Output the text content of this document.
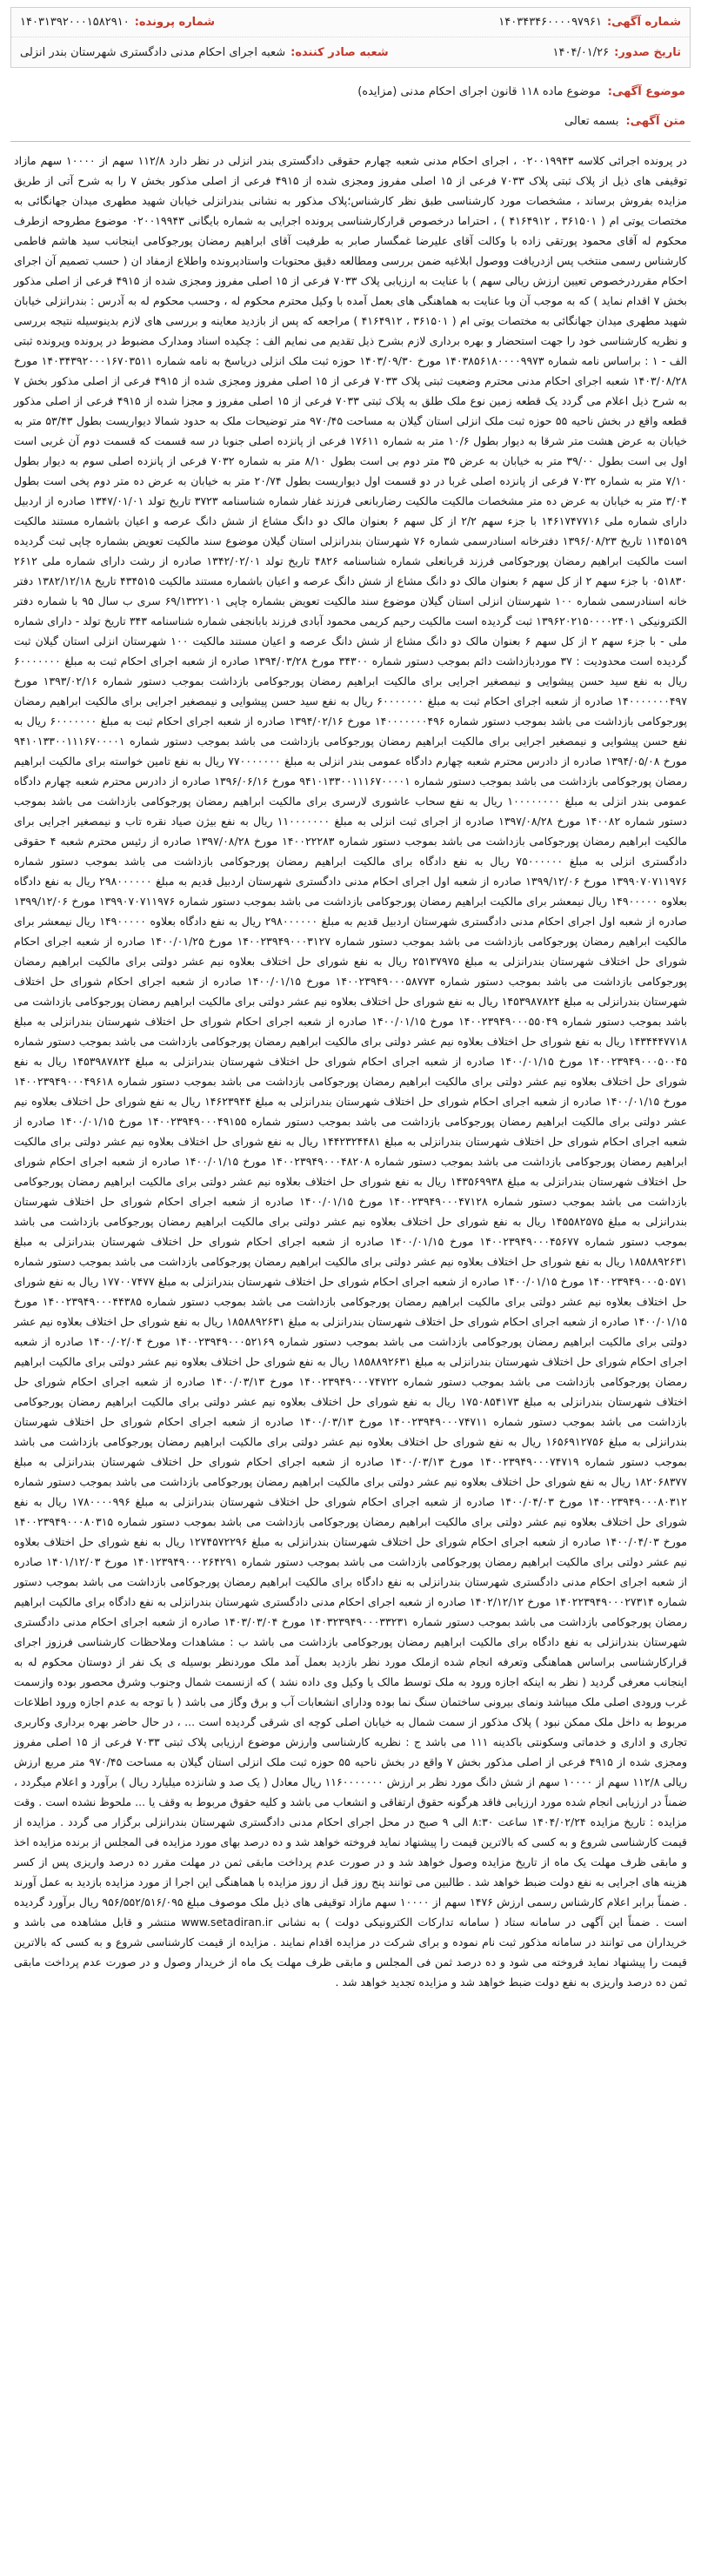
شماره آگهی:
۱۴۰۳۴۳۴۶۰۰۰۰۹۷۹۶۱
شماره پرونده:
۱۴۰۳۱۳۹۲۰۰۰۱۵۸۲۹۱۰
تاریخ صدور:
۱۴۰۴/۰۱/۲۶
شعبه صادر کننده:
شعبه اجرای احکام مدنی دادگستری شهرستان بندر انزلی
موضوع آگهی:
موضوع ماده ۱۱۸ قانون اجرای احکام مدنی (مزایده)
متن آگهی:
بسمه تعالی
در پرونده اجرائی کلاسه ۰۲۰۰۱۹۹۴۳ ، اجرای احکام مدنی شعبه چهارم حقوقی دادگستری بندر انزلی در نظر دارد ۱۱۲/۸ سهم از ۱۰۰۰۰ سهم مازاد توقیفی های ذیل از پلاک ثبتی پلاک ۷۰۳۳ فرعی از ۱۵ اصلی مفروز ومجزی شده از ۴۹۱۵ فرعی از اصلی مذکور بخش ۷ را به شرح آتی از طریق مزایده بفروش برساند ، مشخصات مورد کارشناسی طبق نظر کارشناس؛پلاک مذکور به نشانی بندرانزلی خیابان شهید مطهری میدان جهانگائی به مختصات یوتی ام ( ۳۶۱۵۰۱ ، ۴۱۶۴۹۱۲ ) ، احتراما درخصوص قرارکارشناسی پرونده اجرایی به شماره بایگانی ۰۲۰۰۱۹۹۴۳ موضوع مطروحه ازطرف محکوم له آقای محمود پورتقی زاده با وکالت آقای علیرضا غمگسار صابر به طرفیت آقای ابراهیم رمضان پورجوکامی اینجانب سید هاشم فاطمی کارشناس رسمی منتخب پس ازدریافت ووصول ابلاغیه ضمن بررسی ومطالعه دقیق محتویات واستادپرونده واطلاع ازمفاد ان ( حسب تصمیم آن اجرای احکام مقرردرخصوص تعیین ارزش ریالی سهم ) با عنایت به ارزیابی پلاک ۷۰۳۳ فرعی از ۱۵ اصلی مفروز ومجزی شده از ۴۹۱۵ فرعی از اصلی مذکور بخش ۷ اقدام نماید ) که به موجب آن وبا عنایت به هماهنگی های بعمل آمده با وکیل محترم محکوم له ، وحسب محکوم له به آدرس : بندرانزلی خیابان شهید مطهری میدان جهانگائی به مختصات یوتی ام ( ۳۶۱۵۰۱ ، ۴۱۶۴۹۱۲ ) مراجعه که پس از بازدید معاینه و بررسی های لازم بدینوسیله نتیجه بررسی و نظریه کارشناسی خود را جهت استحضار و بهره برداری لازم بشرح ذیل تقدیم می نمایم الف : چکیده اسناد ومدارک مضبوط در پرونده وپرونده ثبتی الف - ۱ : براساس نامه شماره ۱۴۰۳۸۵۶۱۸۰۰۰۰۹۹۷۳ مورخ ۱۴۰۳/۰۹/۳۰ حوزه ثبت ملک انزلی دریاسخ به نامه شماره ۱۴۰۳۴۳۹۲۰۰۰۱۶۷۰۳۵۱۱ مورخ ۱۴۰۳/۰۸/۲۸ شعبه اجرای احکام مدنی محترم وضعیت ثبتی پلاک ۷۰۳۳ فرعی از ۱۵ اصلی مفروز ومجزی شده از ۴۹۱۵ فرعی از اصلی مذکور بخش ۷ به شرح ذیل اعلام می گردد یک قطعه زمین نوع ملک طلق به پلاک ثبتی ۷۰۳۳ فرعی از ۱۵ اصلی مفروز و مجزا شده از ۴۹۱۵ فرعی از اصلی مذکور قطعه واقع در بخش ناحیه ۵۵ حوزه ثبت ملک انزلی استان گیلان به مساحت ۹۷۰/۴۵ متر توضیحات ملک به حدود شمالا دیواریست بطول ۵۳/۴۳ متر به خیابان به عرض هشت متر شرقا به دیوار بطول ۱۰/۶ متر به شماره ۱۷۶۱۱ فرعی از پانزده اصلی جنوبا در سه قسمت که قسمت دوم آن غربی است اول بی است بطول ۳۹/۰۰ متر به خیابان به عرض ۳۵ متر دوم بی است بطول ۸/۱۰ متر به شماره ۷۰۳۲ فرعی از پانزده اصلی سوم به دیوار بطول ۷/۱۰ متر به شماره ۷۰۳۲ فرعی از پانزده اصلی غربا در دو قسمت اول دیواریست بطول ۲۰/۷۴ متر به خیابان به عرض ده متر دوم پخی است بطول ۳/۰۴ متر به خیابان به عرض ده متر مشخصات مالکیت مالکیت رضاربانعی فرزند غفار شماره شناسنامه ۳۷۲۳ تاریخ تولد ۱۳۴۷/۰۱/۰۱ صادره از اردبیل دارای شماره ملی ۱۴۶۱۷۴۷۷۱۶ با جزء سهم ۲/۲ از کل سهم ۶ بعنوان مالک دو دانگ مشاع از شش دانگ عرصه و اعیان باشماره مستند مالکیت ۱۱۴۵۱۵۹ تاریخ ۱۳۹۶/۰۸/۲۳ دفترخانه اسنادرسمی شماره ۷۶ شهرستان بندرانزلی استان گیلان موضوع سند مالکیت تعویض بشماره چاپی ثبت گردیده است مالکیت ابراهیم رمضان پورجوکامی فرزند قربانعلی شماره شناسنامه ۴۸۲۶ تاریخ تولد ۱۳۴۲/۰۲/۰۱ صادره از رشت دارای شماره ملی ۲۶۱۲ ۰۵۱۸۳۰ با جزء سهم ۲ از کل سهم ۶ بعنوان مالک دو دانگ مشاع از شش دانگ عرصه و اعیان باشماره مستند مالکیت ۴۳۴۵۱۵ تاریخ ۱۳۸۲/۱۲/۱۸ دفتر خانه اسنادرسمی شماره ۱۰۰ شهرستان انزلی استان گیلان موضوع سند مالکیت تعویض بشماره چاپی ۶۹/۱۳۲۲۱۰۱ سری ب سال ۹۵ با شماره دفتر الکترونیکی ۱۳۹۶۲۰۲۱۵۰۰۰۰۲۴۰۱ ثبت گردیده است مالکیت رحیم کریمی محمود آبادی فرزند بابانجفی شماره شناسنامه ۳۴۳ تاریخ تولد - دارای شماره ملی - با جزء سهم ۲ از کل سهم ۶ بعنوان مالک دو دانگ مشاع از شش دانگ عرصه و اعیان مستند مالکیت ۱۰۰ شهرستان انزلی استان گیلان ثبت گردیده است محدودیت : ۳۷ موردبازداشت دائم بموجب دستور شماره ۳۴۳۰۰ مورخ ۱۳۹۴/۰۳/۲۸ صادره از شعبه اجرای احکام ثبت به مبلغ ۶۰۰۰۰۰۰۰ ریال به نفع سید حسن پیشوایی و نیمصغیر اجرایی برای مالکیت ابراهیم رمضان پورجوکامی بازداشت بموجب دستور شماره ۱۳۹۳/۰۲/۱۶ مورخ ۱۴۰۰۰۰۰۰۰۴۹۷ صادره از شعبه اجرای احکام ثبت به مبلغ ۶۰۰۰۰۰۰۰ ریال به نفع سید حسن پیشوایی و نیمصغیر اجرایی برای مالکیت ابراهیم رمضان پورجوکامی بازداشت می باشد بموجب دستور شماره ۱۴۰۰۰۰۰۰۰۴۹۶ مورخ ۱۳۹۴/۰۲/۱۶ صادره از شعبه اجرای احکام ثبت به مبلغ ۶۰۰۰۰۰۰۰ ریال به نفع حسن پیشوایی و نیمصغیر اجرایی برای مالکیت ابراهیم رمضان پورجوکامی بازداشت می باشد بموجب دستور شماره ۹۴۱۰۱۳۳۰۰۱۱۱۶۷۰۰۰۰۱ مورخ ۱۳۹۴/۰۵/۰۸ صادره از دادرس محترم شعبه چهارم دادگاه عمومی بندر انزلی به مبلغ ۷۷۰۰۰۰۰۰۰ ریال به نفع تامین خواسته برای مالکیت ابراهیم رمضان پورجوکامی بازداشت می باشد بموجب دستور شماره ۹۴۱۰۱۳۳۰۰۱۱۱۶۷۰۰۰۰۱ مورخ ۱۳۹۶/۰۶/۱۶ صادره از دادرس محترم شعبه چهارم دادگاه عمومی بندر انزلی به مبلغ ۱۰۰۰۰۰۰۰۰ ریال به نفع سحاب عاشوری لارسری برای مالکیت ابراهیم رمضان پورجوکامی بازداشت می باشد بموجب دستور شماره ۱۴۰۰۸۲ مورخ ۱۳۹۷/۰۸/۲۸ صادره از اجرای ثبت انزلی به مبلغ ۱۱۰۰۰۰۰۰۰ ریال به نفع بیژن صیاد نقره تاب و نیمصغیر اجرایی برای مالکیت ابراهیم رمضان پورجوکامی بازداشت می باشد بموجب دستور شماره ۱۴۰۰۲۲۲۸۳ مورخ ۱۳۹۷/۰۸/۲۸ صادره از رئیس محترم شعبه ۴ حقوقی دادگستری انزلی به مبلغ ۷۵۰۰۰۰۰۰ ریال به نفع دادگاه برای مالکیت ابراهیم رمضان پورجوکامی بازداشت می باشد بموجب دستور شماره ۱۳۹۹۰۷۰۷۱۱۹۷۶ مورخ ۱۳۹۹/۱۲/۰۶ صادره از شعبه اول اجرای احکام مدنی دادگستری شهرستان اردبیل قدیم به مبلغ ۲۹۸۰۰۰۰۰۰ ریال به نفع دادگاه بعلاوه ۱۴۹۰۰۰۰۰ ریال نیمعشر برای مالکیت ابراهیم رمضان پورجوکامی بازداشت می باشد بموجب دستور شماره ۱۳۹۹۰۷۰۷۱۱۹۷۶ مورخ ۱۳۹۹/۱۲/۰۶ صادره از شعبه اول اجرای احکام مدنی دادگستری شهرستان اردبیل قدیم به مبلغ ۲۹۸۰۰۰۰۰۰ ریال به نفع دادگاه بعلاوه ۱۴۹۰۰۰۰۰ ریال نیمعشر برای مالکیت ابراهیم رمضان پورجوکامی بازداشت می باشد بموجب دستور شماره ۱۴۰۰۲۳۹۴۹۰۰۰۳۱۲۷ مورخ ۱۴۰۰/۰۱/۲۵ صادره از شعبه اجرای احکام شورای حل اختلاف شهرستان بندرانزلی به مبلغ ۲۵۱۳۷۹۷۵ ریال به نفع شورای حل اختلاف بعلاوه نیم عشر دولتی برای مالکیت ابراهیم رمضان پورجوکامی بازداشت می باشد بموجب دستور شماره ۱۴۰۰۲۳۹۴۹۰۰۰۵۸۷۷۳ مورخ ۱۴۰۰/۰۱/۱۵ صادره از شعبه اجرای احکام شورای حل اختلاف شهرستان بندرانزلی به مبلغ ۱۴۵۳۹۸۷۸۲۴ ریال به نفع شورای حل اختلاف بعلاوه نیم عشر دولتی برای مالکیت ابراهیم رمضان پورجوکامی بازداشت می باشد بموجب دستور شماره ۱۴۰۰۲۳۹۴۹۰۰۰۵۵۰۴۹ مورخ ۱۴۰۰/۰۱/۱۵ صادره از شعبه اجرای احکام شورای حل اختلاف شهرستان بندرانزلی به مبلغ ۱۴۳۴۴۴۷۷۱۸ ریال به نفع شورای حل اختلاف بعلاوه نیم عشر دولتی برای مالکیت ابراهیم رمضان پورجوکامی بازداشت می باشد بموجب دستور شماره ۱۴۰۰۲۳۹۴۹۰۰۰۵۰۰۴۵ مورخ ۱۴۰۰/۰۱/۱۵ صادره از شعبه اجرای احکام شورای حل اختلاف شهرستان بندرانزلی به مبلغ ۱۴۵۳۹۸۷۸۲۴ ریال به نفع شورای حل اختلاف بعلاوه نیم عشر دولتی برای مالکیت ابراهیم رمضان پورجوکامی بازداشت می باشد بموجب دستور شماره ۱۴۰۰۲۳۹۴۹۰۰۰۴۹۶۱۸ مورخ ۱۴۰۰/۰۱/۱۵ صادره از شعبه اجرای احکام شورای حل اختلاف شهرستان بندرانزلی به مبلغ ۱۴۶۲۳۹۴۴ ریال به نفع شورای حل اختلاف بعلاوه نیم عشر دولتی برای مالکیت ابراهیم رمضان پورجوکامی بازداشت می باشد بموجب دستور شماره ۱۴۰۰۲۳۹۴۹۰۰۰۴۹۱۵۵ مورخ ۱۴۰۰/۰۱/۱۵ صادره از شعبه اجرای احکام شورای حل اختلاف شهرستان بندرانزلی به مبلغ ۱۴۴۲۳۲۴۴۸۱ ریال به نفع شورای حل اختلاف بعلاوه نیم عشر دولتی برای مالکیت ابراهیم رمضان پورجوکامی بازداشت می باشد بموجب دستور شماره ۱۴۰۰۲۳۹۴۹۰۰۰۴۸۲۰۸ مورخ ۱۴۰۰/۰۱/۱۵ صادره از شعبه اجرای احکام شورای حل اختلاف شهرستان بندرانزلی به مبلغ ۱۴۳۵۶۹۹۳۸ ریال به نفع شورای حل اختلاف بعلاوه نیم عشر دولتی برای مالکیت ابراهیم رمضان پورجوکامی بازداشت می باشد بموجب دستور شماره ۱۴۰۰۲۳۹۴۹۰۰۰۴۷۱۲۸ مورخ ۱۴۰۰/۰۱/۱۵ صادره از شعبه اجرای احکام شورای حل اختلاف شهرستان بندرانزلی به مبلغ ۱۴۵۵۸۲۵۷۵ ریال به نفع شورای حل اختلاف بعلاوه نیم عشر دولتی برای مالکیت ابراهیم رمضان پورجوکامی بازداشت می باشد بموجب دستور شماره ۱۴۰۰۲۳۹۴۹۰۰۰۴۵۶۷۷ مورخ ۱۴۰۰/۰۱/۱۵ صادره از شعبه اجرای احکام شورای حل اختلاف شهرستان بندرانزلی به مبلغ ۱۸۵۸۸۹۲۶۳۱ ریال به نفع شورای حل اختلاف بعلاوه نیم عشر دولتی برای مالکیت ابراهیم رمضان پورجوکامی بازداشت می باشد بموجب دستور شماره ۱۴۰۰۲۳۹۴۹۰۰۰۵۰۵۷۱ مورخ ۱۴۰۰/۰۱/۱۵ صادره از شعبه اجرای احکام شورای حل اختلاف شهرستان بندرانزلی به مبلغ ۱۷۷۰۰۷۴۷۷ ریال به نفع شورای حل اختلاف بعلاوه نیم عشر دولتی برای مالکیت ابراهیم رمضان پورجوکامی بازداشت می باشد بموجب دستور شماره ۱۴۰۰۲۳۹۴۹۰۰۰۴۴۳۸۵ مورخ ۱۴۰۰/۰۱/۱۵ صادره از شعبه اجرای احکام شورای حل اختلاف شهرستان بندرانزلی به مبلغ ۱۸۵۸۸۹۲۶۳۱ ریال به نفع شورای حل اختلاف بعلاوه نیم عشر دولتی برای مالکیت ابراهیم رمضان پورجوکامی بازداشت می باشد بموجب دستور شماره ۱۴۰۰۲۳۹۴۹۰۰۰۵۲۱۶۹ مورخ ۱۴۰۰/۰۲/۰۴ صادره از شعبه اجرای احکام شورای حل اختلاف شهرستان بندرانزلی به مبلغ ۱۸۵۸۸۹۲۶۳۱ ریال به نفع شورای حل اختلاف بعلاوه نیم عشر دولتی برای مالکیت ابراهیم رمضان پورجوکامی بازداشت می باشد بموجب دستور شماره ۱۴۰۰۲۳۹۴۹۰۰۰۷۴۷۲۲ مورخ ۱۴۰۰/۰۳/۱۳ صادره از شعبه اجرای احکام شورای حل اختلاف شهرستان بندرانزلی به مبلغ ۱۷۵۰۸۵۴۱۷۳ ریال به نفع شورای حل اختلاف بعلاوه نیم عشر دولتی برای مالکیت ابراهیم رمضان پورجوکامی بازداشت می باشد بموجب دستور شماره ۱۴۰۰۲۳۹۴۹۰۰۰۷۴۷۱۱ مورخ ۱۴۰۰/۰۳/۱۳ صادره از شعبه اجرای احکام شورای حل اختلاف شهرستان بندرانزلی به مبلغ ۱۶۵۶۹۱۲۷۵۶ ریال به نفع شورای حل اختلاف بعلاوه نیم عشر دولتی برای مالکیت ابراهیم رمضان پورجوکامی بازداشت می باشد بموجب دستور شماره ۱۴۰۰۲۳۹۴۹۰۰۰۷۴۷۱۹ مورخ ۱۴۰۰/۰۳/۱۳ صادره از شعبه اجرای احکام شورای حل اختلاف شهرستان بندرانزلی به مبلغ ۱۸۲۰۶۸۳۷۷ ریال به نفع شورای حل اختلاف بعلاوه نیم عشر دولتی برای مالکیت ابراهیم رمضان پورجوکامی بازداشت می باشد بموجب دستور شماره ۱۴۰۰۲۳۹۴۹۰۰۰۸۰۳۱۲ مورخ ۱۴۰۰/۰۴/۰۳ صادره از شعبه اجرای احکام شورای حل اختلاف شهرستان بندرانزلی به مبلغ ۱۷۸۰۰۰۰۹۹۶ ریال به نفع شورای حل اختلاف بعلاوه نیم عشر دولتی برای مالکیت ابراهیم رمضان پورجوکامی بازداشت می باشد بموجب دستور شماره ۱۴۰۰۲۳۹۴۹۰۰۰۸۰۳۱۵ مورخ ۱۴۰۰/۰۴/۰۳ صادره از شعبه اجرای احکام شورای حل اختلاف شهرستان بندرانزلی به مبلغ ۱۲۷۴۵۷۲۲۹۶ ریال به نفع شورای حل اختلاف بعلاوه نیم عشر دولتی برای مالکیت ابراهیم رمضان پورجوکامی بازداشت می باشد بموجب دستور شماره ۱۴۰۱۲۳۹۴۹۰۰۰۲۶۴۲۹۱ مورخ ۱۴۰۱/۱۲/۰۳ صادره از شعبه اجرای احکام مدنی دادگستری شهرستان بندرانزلی به نفع دادگاه برای مالکیت ابراهیم رمضان پورجوکامی بازداشت می باشد بموجب دستور شماره ۱۴۰۲۲۳۹۴۹۰۰۰۲۷۳۱۴ مورخ ۱۴۰۲/۱۲/۱۲ صادره از شعبه اجرای احکام مدنی دادگستری شهرستان بندرانزلی به نفع دادگاه برای مالکیت ابراهیم رمضان پورجوکامی بازداشت می باشد بموجب دستور شماره ۱۴۰۳۲۳۹۴۹۰۰۰۳۳۲۳۱ مورخ ۱۴۰۳/۰۳/۰۴ صادره از شعبه اجرای احکام مدنی دادگستری شهرستان بندرانزلی به نفع دادگاه برای مالکیت ابراهیم رمضان پورجوکامی بازداشت می باشد ب : مشاهدات وملاحظات کارشناسی فرزوز اجرای قرارکارشناسی براساس هماهنگی وتعرفه انجام شده ازملک مورد نظر بازدید بعمل آمد ملک موردنظر بوسیله ی یک نفر از دوستان محکوم له به اینجانب معرفی گردید ( نظر به اینکه اجازه ورود به ملک توسط مالک یا وکیل وی داده نشد ) که ازنسمت شمال وجنوب وشرق محصور بوده وازسمت غرب ورودی اصلی ملک میباشد ونمای بیرونی ساختمان سنگ نما بوده ودارای انشعابات آب و برق وگاز می باشد ( با توجه به عدم اجازه ورود اطلاعات مربوط به داخل ملک ممکن نبود ) پلاک مذکور از سمت شمال به خیابان اصلی کوچه ای شرقی گردیده است ... ، در حال حاضر بهره برداری وکاربری تجاری و اداری و خدماتی وسکونتی باکدینه ۱۱۱ می باشد ج : نظریه کارشناسی وارزش موضوع ارزیابی پلاک ثبتی ۷۰۳۳ فرعی از ۱۵ اصلی مفروز ومجزی شده از ۴۹۱۵ فرعی از اصلی مذکور بخش ۷ واقع در بخش ناحیه ۵۵ حوزه ثبت ملک انزلی استان گیلان به مساحت ۹۷۰/۴۵ متر مربع ارزش ریالی ۱۱۲/۸ سهم از ۱۰۰۰۰ سهم از شش دانگ مورد نظر بر ارزش ۱۱۶۰۰۰۰۰۰۰ ریال معادل ( یک صد و شانزده میلیارد ریال ) برآورد و اعلام میگردد ، ضمناً در ارزیابی انجام شده مورد ارزیابی فاقد هرگونه حقوق ارتفاقی و انشعاب می باشد و کلیه حقوق مربوط به وقف یا ... ملحوظ نشده است . وقت مزایده : تاریخ مزایده ۱۴۰۴/۰۲/۲۴ ساعت ۸:۳۰ الی ۹ صبح در محل اجرای احکام مدنی دادگستری شهرستان بندرانزلی برگزار می گردد . مزایده از قیمت کارشناسی شروع و به کسی که بالاترین قیمت را پیشنهاد نماید فروخته خواهد شد و ده درصد بهای مورد مزایده فی المجلس از برنده مزایده اخذ و مابقی ظرف مهلت یک ماه از تاریخ مزایده وصول خواهد شد و در صورت عدم پرداخت مابقی ثمن در مهلت مقرر ده درصد واریزی پس از کسر هزینه های اجرایی به نفع دولت ضبط خواهد شد . طالبین می توانند پنج روز قبل از روز مزایده با هماهنگی این اجرا از مورد مزایده بازدید به عمل آورند . ضمناً برابر اعلام کارشناس رسمی ارزش ۱۴۷۶ سهم از ۱۰۰۰۰ سهم مازاد توقیفی های ذیل ملک موصوف مبلغ ۹۵۶/۵۵۲/۵۱۶/۰۹۵ ریال برآورد گردیده است . ضمناً این آگهی در سامانه ستاد ( سامانه تدارکات الکترونیکی دولت ) به نشانی www.setadiran.ir منتشر و قابل مشاهده می باشد و خریداران می توانند در سامانه مذکور ثبت نام نموده و برای شرکت در مزایده اقدام نمایند . مزایده از قیمت کارشناسی شروع و به کسی که بالاترین قیمت را پیشنهاد نماید فروخته می شود و ده درصد ثمن فی المجلس و مابقی ظرف مهلت یک ماه از خریدار وصول و در صورت عدم پرداخت مابقی ثمن ده درصد واریزی به نفع دولت ضبط خواهد شد و مزایده تجدید خواهد شد .
